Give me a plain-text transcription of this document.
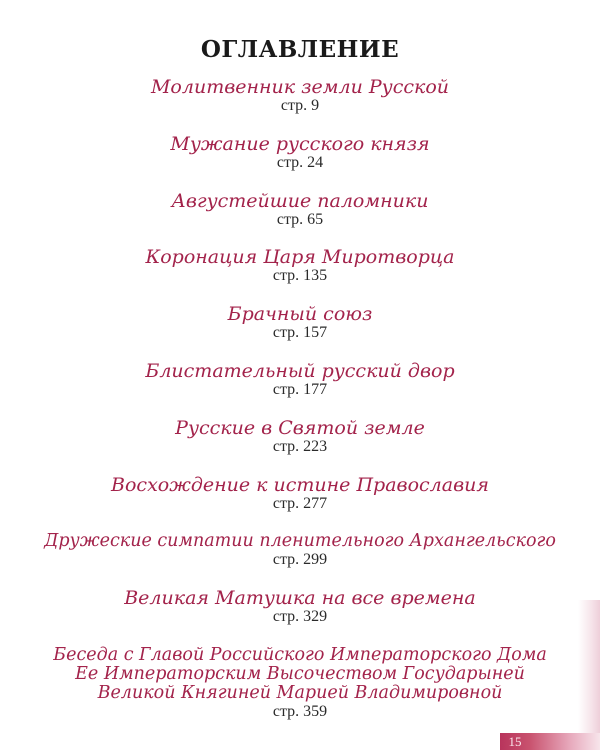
ОГЛАВЛЕНИЕ
Молитвенник земли Русской
стр. 9
Мужание русского князя
стр. 24
Августейшие паломники
стр. 65
Коронация Царя Миротворца
стр. 135
Брачный союз
стр. 157
Блистательный русский двор
стр. 177
Русские в Святой земле
стр. 223
Восхождение к истине Православия
стр. 277
Дружеские симпатии пленительного Архангельского
стр. 299
Великая Матушка на все времена
стр. 329
Беседа с Главой Российского Императорского Дома
Ее Императорским Высочеством Государыней
Великой Княгиней Марией Владимировной
стр. 359
15
